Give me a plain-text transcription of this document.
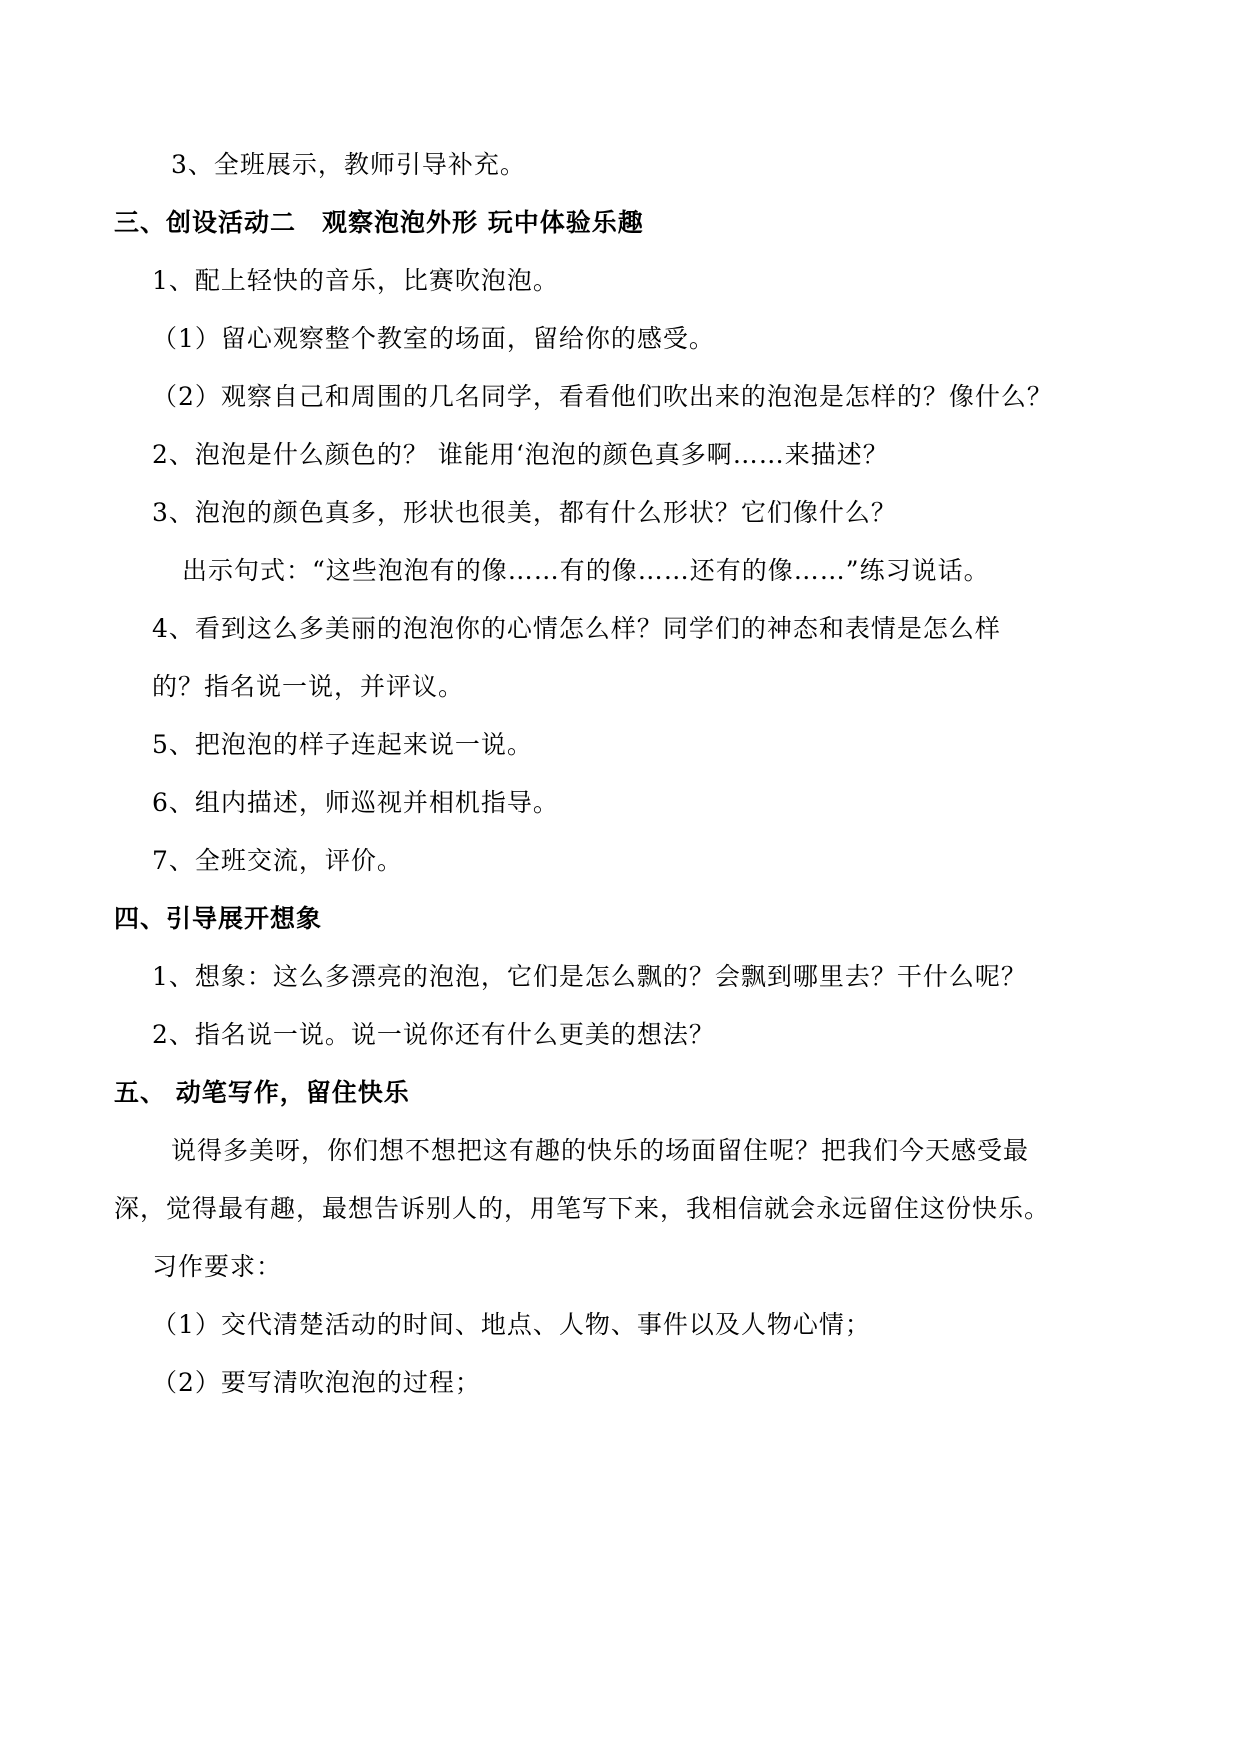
3、全班展示，教师引导补充。
三、创设活动二　观察泡泡外形 玩中体验乐趣
1、配上轻快的音乐，比赛吹泡泡。
（1）留心观察整个教室的场面，留给你的感受。
（2）观察自己和周围的几名同学，看看他们吹出来的泡泡是怎样的？像什么？
2、泡泡是什么颜色的？ 谁能用‘泡泡的颜色真多啊……来描述？
3、泡泡的颜色真多，形状也很美，都有什么形状？它们像什么？
出示句式：“这些泡泡有的像……有的像……还有的像……”练习说话。
4、看到这么多美丽的泡泡你的心情怎么样？同学们的神态和表情是怎么样
的？指名说一说，并评议。
5、把泡泡的样子连起来说一说。
6、组内描述，师巡视并相机指导。
7、全班交流，评价。
四、引导展开想象
1、想象：这么多漂亮的泡泡，它们是怎么飘的？会飘到哪里去？干什么呢？
2、指名说一说。说一说你还有什么更美的想法？
五、 动笔写作，留住快乐
说得多美呀，你们想不想把这有趣的快乐的场面留住呢？把我们今天感受最
深，觉得最有趣，最想告诉别人的，用笔写下来，我相信就会永远留住这份快乐。
习作要求：
（1）交代清楚活动的时间、地点、人物、事件以及人物心情；
（2）要写清吹泡泡的过程；
